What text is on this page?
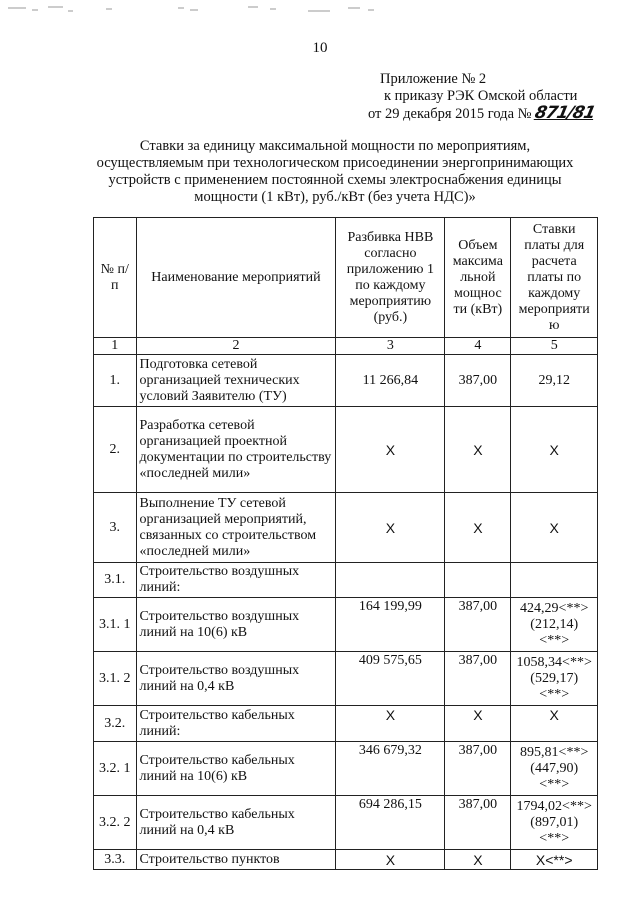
10
Приложение № 2
к приказу РЭК Омской области
от 29 декабря 2015 года № 871/81
Ставки за единицу максимальной мощности по мероприятиям,
осуществляемым при технологическом присоединении энергопринимающих
устройств с применением постоянной схемы электроснабжения единицы
мощности (1 кВт), руб./кВт (без учета НДС)»
№ п/п	Наименование мероприятий	Разбивка НВВ согласно приложению 1 по каждому мероприятию (руб.)	Объем максима льной мощнос ти (кВт)	Ставки платы для расчета платы по каждому мероприяти ю
1	2	3	4	5
1.	Подготовка сетевой организацией технических условий Заявителю (ТУ)	11 266,84	387,00	29,12
2.	Разработка сетевой организацией проектной документации по строительству «последней мили»	X	X	X
3.	Выполнение ТУ сетевой организацией мероприятий, связанных со строительством «последней мили»	X	X	X
3.1.	Строительство воздушных линий:			
3.1. 1	Строительство воздушных линий на 10(6) кВ	164 199,99	387,00	424,29<**> (212,14) <**>
3.1. 2	Строительство воздушных линий на 0,4 кВ	409 575,65	387,00	1058,34<**> (529,17) <**>
3.2.	Строительство кабельных линий:	X	X	X
3.2. 1	Строительство кабельных линий на 10(6) кВ	346 679,32	387,00	895,81<**> (447,90) <**>
3.2. 2	Строительство кабельных линий на 0,4 кВ	694 286,15	387,00	1794,02<**> (897,01) <**>
3.3.	Строительство пунктов	X	X	X<**>
